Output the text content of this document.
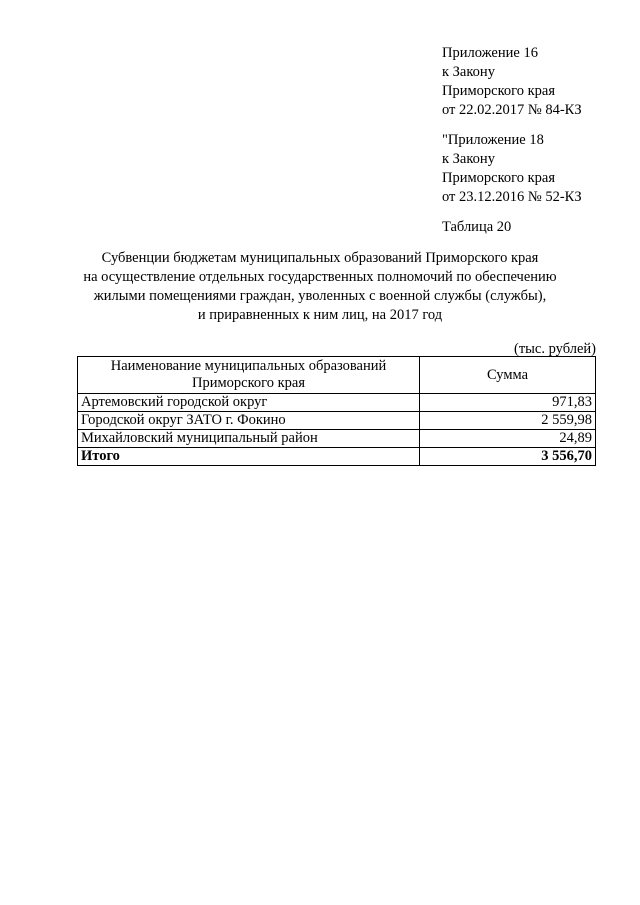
Приложение 16
к Закону
Приморского края
от 22.02.2017 № 84-КЗ
"Приложение 18
к Закону
Приморского края
от 23.12.2016 № 52-КЗ
Таблица 20
Субвенции бюджетам муниципальных образований Приморского края
на осуществление отдельных государственных полномочий по обеспечению
жилыми помещениями граждан, уволенных с военной службы (службы),
и приравненных к ним лиц, на 2017 год
(тыс. рублей)
Наименование муниципальных образований Приморского края	Сумма
Артемовский городской округ	971,83
Городской округ ЗАТО г. Фокино	2 559,98
Михайловский муниципальный район	24,89
Итого	3 556,70
